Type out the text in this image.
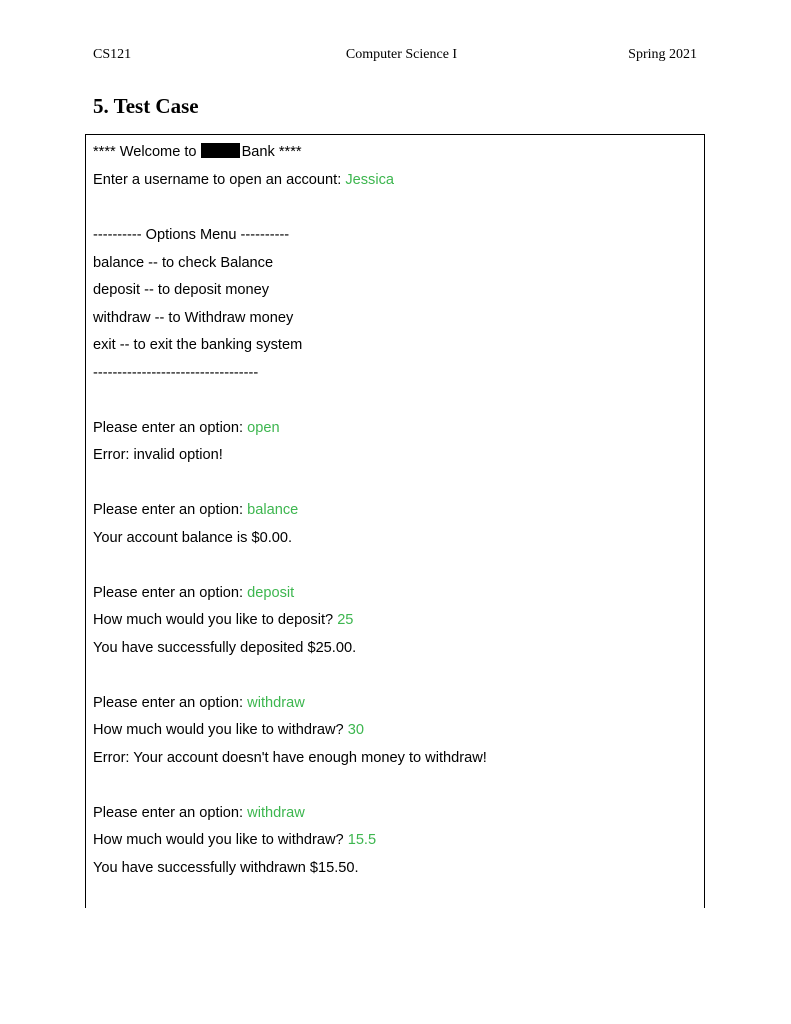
CS121	Computer Science I	Spring 2021
5. Test Case
**** Welcome to	Bank ****
Enter a username to open an account: Jessica
---------- Options Menu ----------
balance -- to check Balance
deposit -- to deposit money
withdraw -- to Withdraw money
exit -- to exit the banking system
----------------------------------
Please enter an option: open
Error: invalid option!
Please enter an option: balance
Your account balance is $0.00.
Please enter an option: deposit
How much would you like to deposit? 25
You have successfully deposited $25.00.
Please enter an option: withdraw
How much would you like to withdraw? 30
Error: Your account doesn't have enough money to withdraw!
Please enter an option: withdraw
How much would you like to withdraw? 15.5
You have successfully withdrawn $15.50.
